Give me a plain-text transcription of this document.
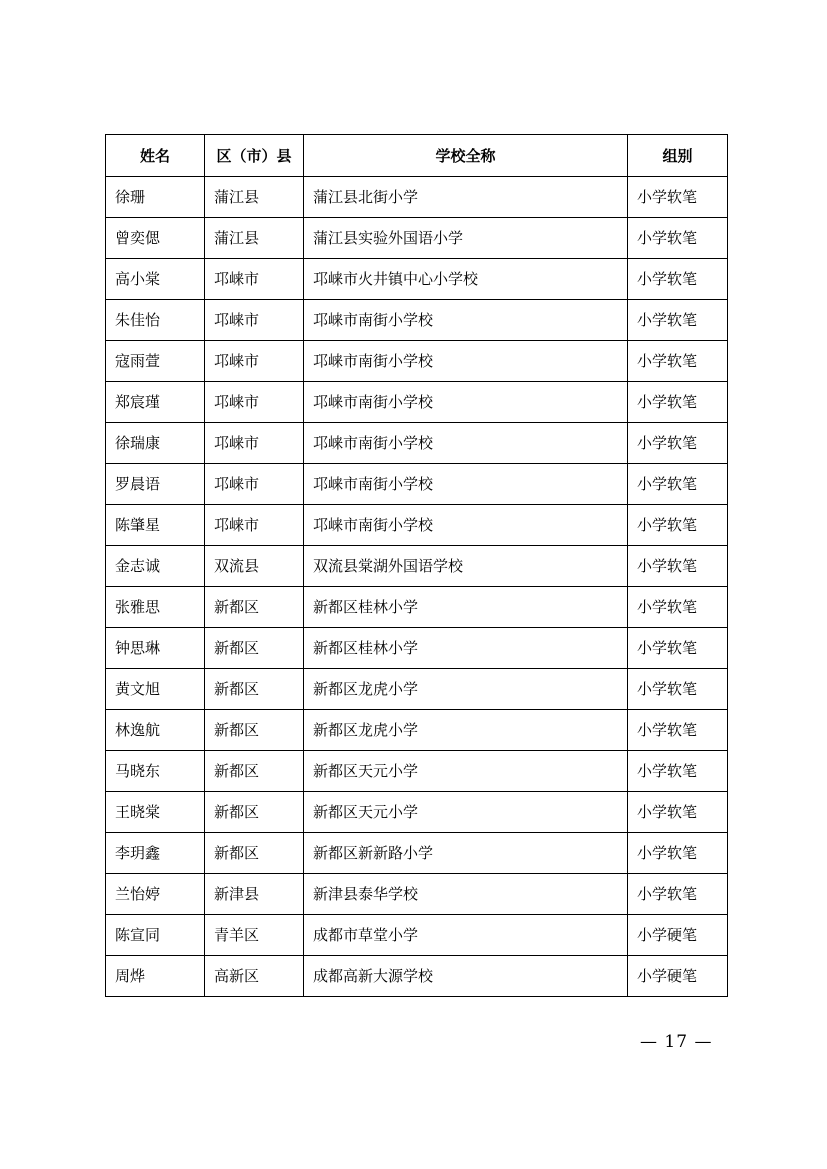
姓名	区（市）县	学校全称	组别
徐珊	蒲江县	蒲江县北街小学	小学软笔
曾奕偲	蒲江县	蒲江县实验外国语小学	小学软笔
高小棠	邛崃市	邛崃市火井镇中心小学校	小学软笔
朱佳怡	邛崃市	邛崃市南街小学校	小学软笔
寇雨萱	邛崃市	邛崃市南街小学校	小学软笔
郑宸瑾	邛崃市	邛崃市南街小学校	小学软笔
徐瑞康	邛崃市	邛崃市南街小学校	小学软笔
罗晨语	邛崃市	邛崃市南街小学校	小学软笔
陈肇星	邛崃市	邛崃市南街小学校	小学软笔
金志诚	双流县	双流县棠湖外国语学校	小学软笔
张雅思	新都区	新都区桂林小学	小学软笔
钟思琳	新都区	新都区桂林小学	小学软笔
黄文旭	新都区	新都区龙虎小学	小学软笔
林逸航	新都区	新都区龙虎小学	小学软笔
马晓东	新都区	新都区天元小学	小学软笔
王晓棠	新都区	新都区天元小学	小学软笔
李玥鑫	新都区	新都区新新路小学	小学软笔
兰怡婷	新津县	新津县泰华学校	小学软笔
陈宣同	青羊区	成都市草堂小学	小学硬笔
周烨	高新区	成都高新大源学校	小学硬笔
— 17 —
